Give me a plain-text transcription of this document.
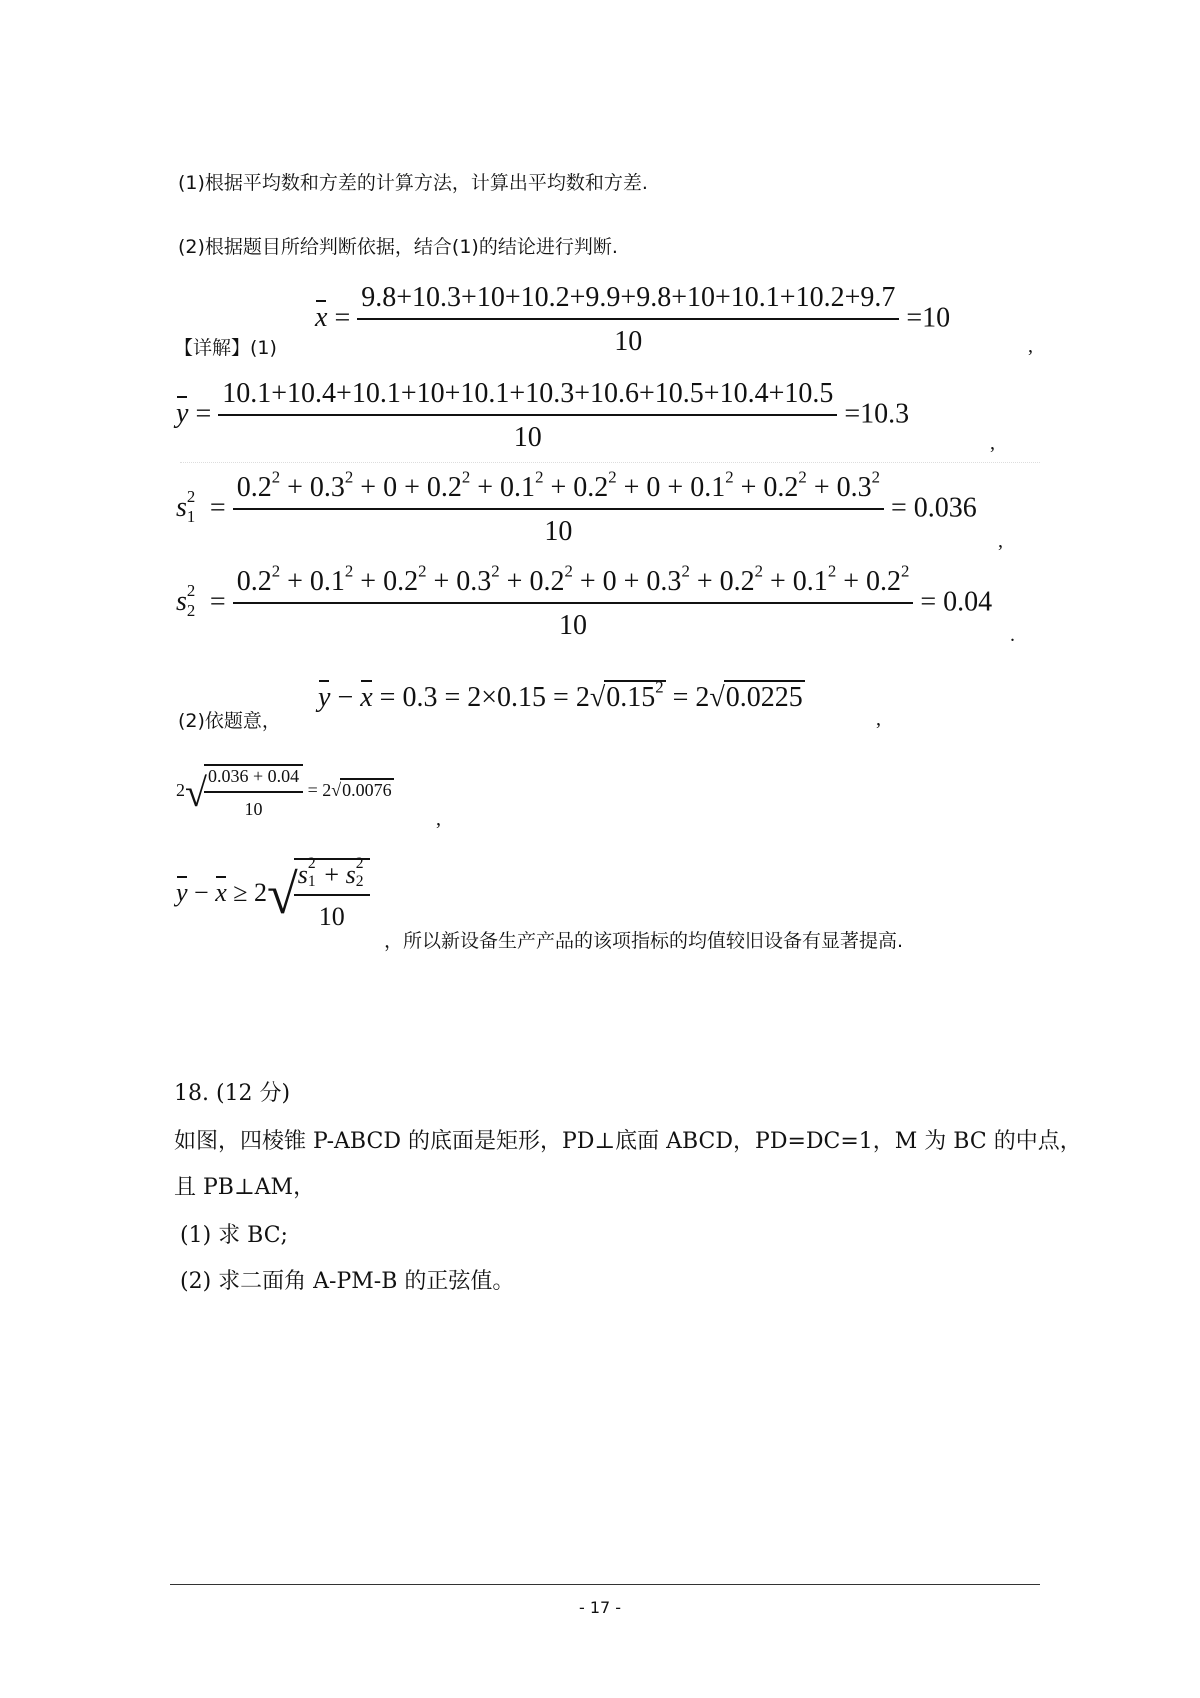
(1)根据平均数和方差的计算方法，计算出平均数和方差.
(2)根据题目所给判断依据，结合(1)的结论进行判断.
【详解】(1)
$x = \frac{9.8+10.3+10+10.2+9.9+9.8+10+10.1+10.2+9.7}{10} =10$
,
$y = \frac{10.1+10.4+10.1+10+10.1+10.3+10.6+10.5+10.4+10.5}{10} =10.3$
,
s 2
1 =
$0.2^2 + 0.3^2 + 0 + 0.2^2 + 0.1^2 + 0.2^2 + 0 + 0.1^2 + 0.2^2 + 0.3^2$
10
= 0.036
,
s 2
2 =
$0.2^2 + 0.1^2 + 0.2^2 + 0.3^2 + 0.2^2 + 0 + 0.3^2 + 0.2^2 + 0.1^2 + 0.2^2$
10
= 0.04
.
(2)依题意，
$y - x = 0.3 = 2\times 0.15 = 2√0.15^2 = 2√0.0225$
,
2√
$\frac{0.036 + 0.04}{10} = 2√0.0076$
,
y − x ≥ 2√
s 2
1 + s 2
2
10
，所以新设备生产产品的该项指标的均值较旧设备有显著提高.
18. (12 分)
如图，四棱锥 P-ABCD 的底面是矩形，PD⊥底面 ABCD，PD=DC=1，M 为 BC 的中点，
且 PB⊥AM，
(1) 求 BC;
(2) 求二面角 A-PM-B 的正弦值。
- 17 -
